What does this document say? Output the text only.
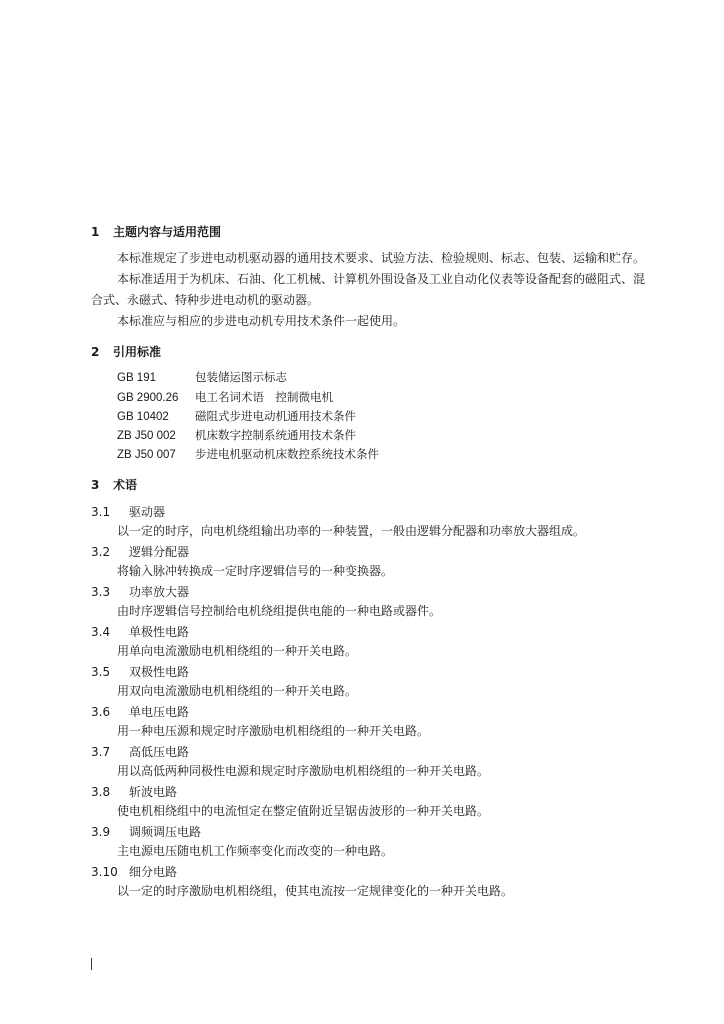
1 主题内容与适用范围
本标准规定了步进电动机驱动器的通用技术要求、试验方法、检验规则、标志、包装、运输和贮存。
本标准适用于为机床、石油、化工机械、计算机外围设备及工业自动化仪表等设备配套的磁阻式、混
合式、永磁式、特种步进电动机的驱动器。
本标准应与相应的步进电动机专用技术条件一起使用。
2 引用标准
GB 191	包装储运图示标志
GB 2900.26 电工名词术语　控制微电机
GB 10402 磁阻式步进电动机通用技术条件
ZB J50 002 机床数字控制系统通用技术条件
ZB J50 007 步进电机驱动机床数控系统技术条件
3 术语
3.1 驱动器
以一定的时序，向电机绕组输出功率的一种装置，一般由逻辑分配器和功率放大器组成。
3.2 逻辑分配器
将输入脉冲转换成一定时序逻辑信号的一种变换器。
3.3 功率放大器
由时序逻辑信号控制给电机绕组提供电能的一种电路或器件。
3.4 单极性电路
用单向电流激励电机相绕组的一种开关电路。
3.5 双极性电路
用双向电流激励电机相绕组的一种开关电路。
3.6 单电压电路
用一种电压源和规定时序激励电机相绕组的一种开关电路。
3.7 高低压电路
用以高低两种同极性电源和规定时序激励电机相绕组的一种开关电路。
3.8 斩波电路
使电机相绕组中的电流恒定在整定值附近呈锯齿波形的一种开关电路。
3.9 调频调压电路
主电源电压随电机工作频率变化而改变的一种电路。
3.10 细分电路
以一定的时序激励电机相绕组，使其电流按一定规律变化的一种开关电路。
